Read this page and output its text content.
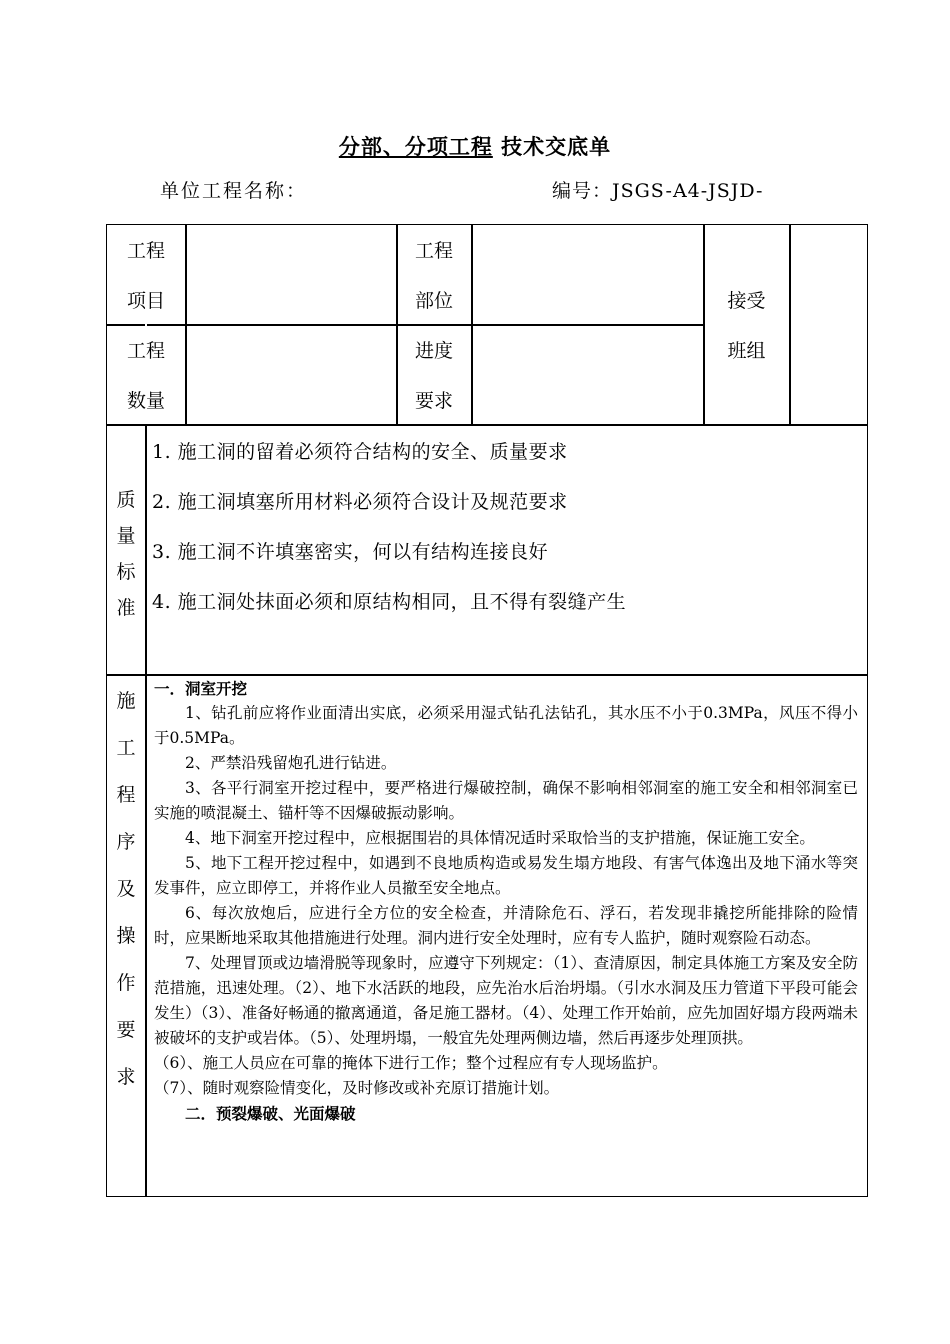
分部、分项工程 技术交底单
单位工程名称：	编号：JSGS-A4-JSJD-
工程
项目
工程
部位	接受
班组
工程
数量
进度
要求
质
量
标
准
施
工
程
序
及
操
作
要
求
1. 施工洞的留着必须符合结构的安全、质量要求
2. 施工洞填塞所用材料必须符合设计及规范要求
3. 施工洞不许填塞密实，何以有结构连接良好
4. 施工洞处抹面必须和原结构相同，且不得有裂缝产生

一．洞室开挖

1、钻孔前应将作业面清出实底，必须采用湿式钻孔法钻孔，其水压不小于0.3MPa，风压不得小于0.5MPa。

2、严禁沿残留炮孔进行钻进。

3、各平行洞室开挖过程中，要严格进行爆破控制，确保不影响相邻洞室的施工安全和相邻洞室已实施的喷混凝土、锚杆等不因爆破振动影响。

4、地下洞室开挖过程中，应根据围岩的具体情况适时采取恰当的支护措施，保证施工安全。

5、地下工程开挖过程中，如遇到不良地质构造或易发生塌方地段、有害气体逸出及地下涌水等突发事件，应立即停工，并将作业人员撤至安全地点。

6、每次放炮后，应进行全方位的安全检查，并清除危石、浮石，若发现非撬挖所能排除的险情时，应果断地采取其他措施进行处理。洞内进行安全处理时，应有专人监护，随时观察险石动态。

7、处理冒顶或边墙滑脱等现象时，应遵守下列规定：（1）、查清原因，制定具体施工方案及安全防范措施，迅速处理。（2）、地下水活跃的地段，应先治水后治坍塌。（引水水洞及压力管道下平段可能会发生）（3）、准备好畅通的撤离通道，备足施工器材。（4）、处理工作开始前，应先加固好塌方段两端未被破坏的支护或岩体。（5）、处理坍塌，一般宜先处理两侧边墙，然后再逐步处理顶拱。

（6）、施工人员应在可靠的掩体下进行工作；整个过程应有专人现场监护。

（7）、随时观察险情变化，及时修改或补充原订措施计划。

二．预裂爆破、光面爆破
